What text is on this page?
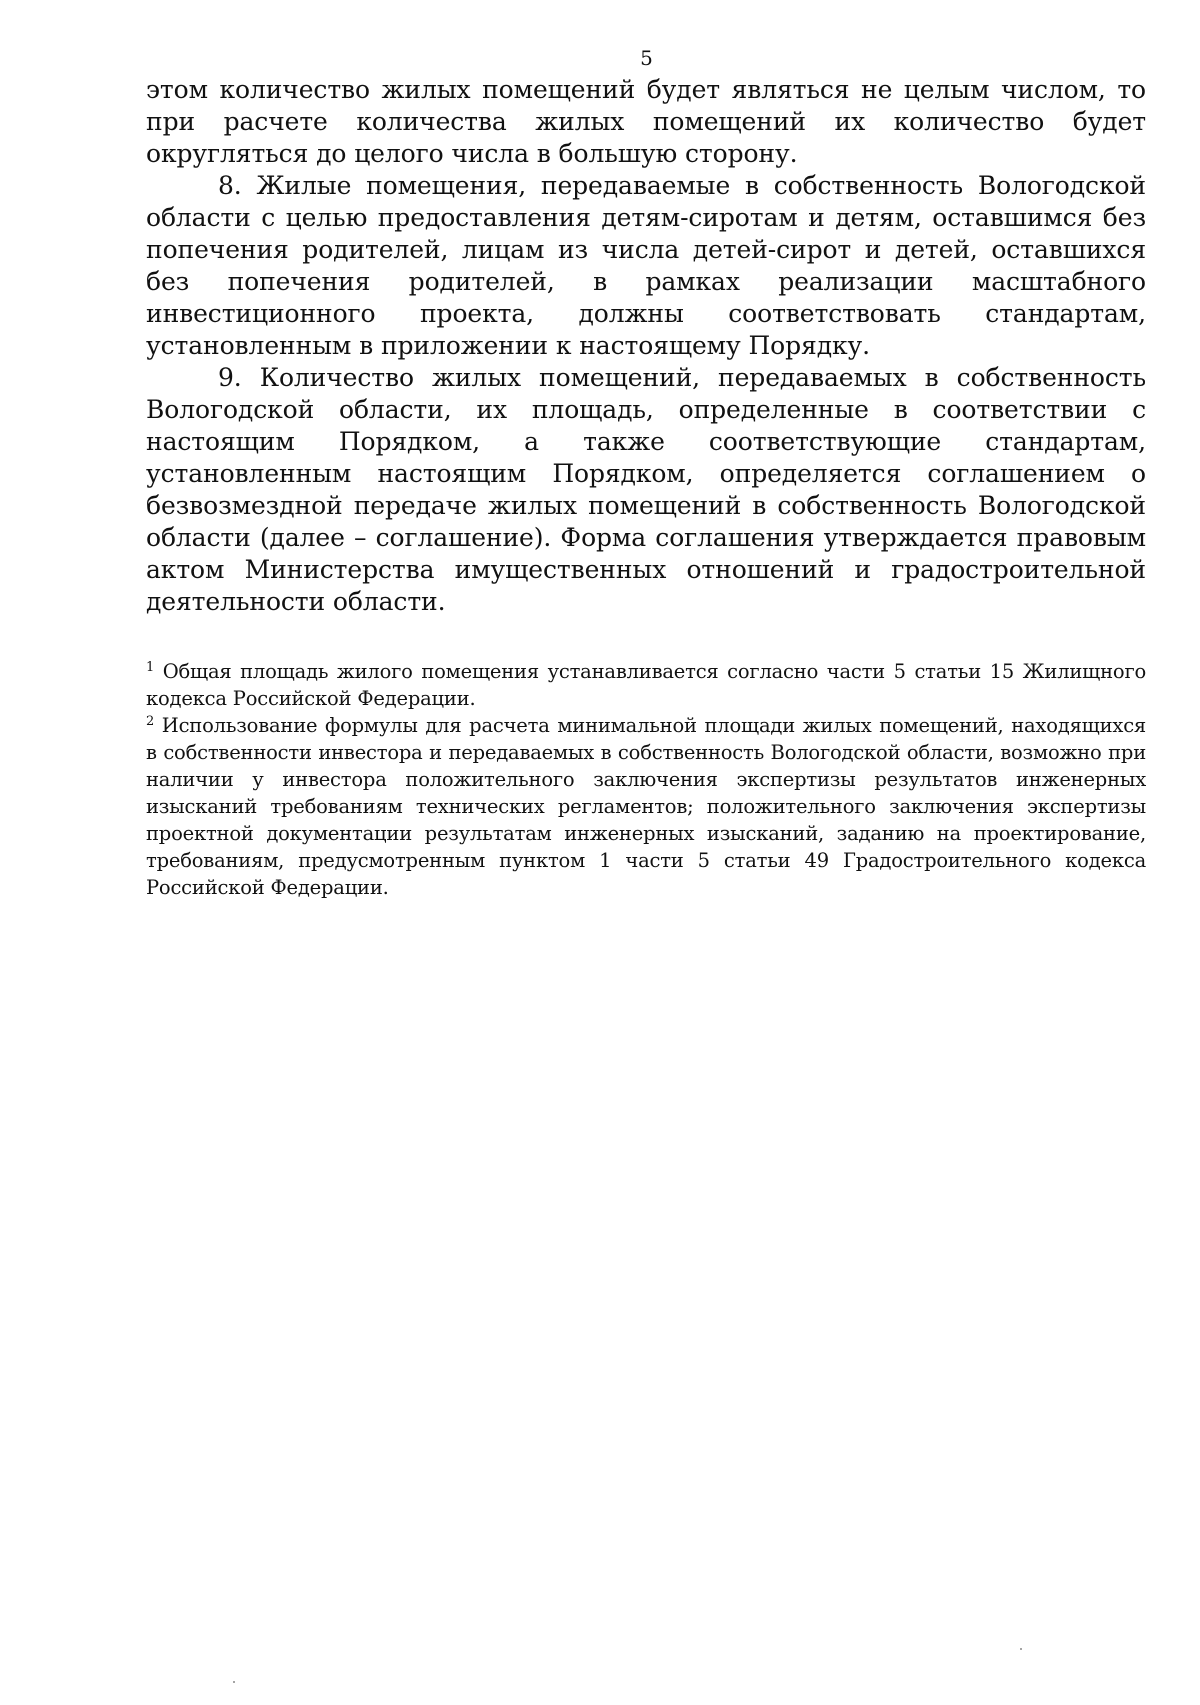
5

этом количество жилых помещений будет являться не целым числом, то при расчете количества жилых помещений их количество будет округляться до целого числа в большую сторону.

8. Жилые помещения, передаваемые в собственность Вологодской области с целью предоставления детям-сиротам и детям, оставшимся без попечения родителей, лицам из числа детей-сирот и детей, оставшихся без попечения родителей, в рамках реализации масштабного инвестиционного проекта, должны соответствовать стандартам, установленным в приложении к настоящему Порядку.

9. Количество жилых помещений, передаваемых в собственность Вологодской области, их площадь, определенные в соответствии с настоящим Порядком, а также соответствующие стандартам, установленным настоящим Порядком, определяется соглашением о безвозмездной передаче жилых помещений в собственность Вологодской области (далее – соглашение). Форма соглашения утверждается правовым актом Министерства имущественных отношений и градостроительной деятельности области.

$^1$ Общая площадь жилого помещения устанавливается согласно части 5 статьи 15 Жилищного кодекса Российской Федерации.

$^2$ Использование формулы для расчета минимальной площади жилых помещений, находящихся в собственности инвестора и передаваемых в собственность Вологодской области, возможно при наличии у инвестора положительного заключения экспертизы результатов инженерных изысканий требованиям технических регламентов; положительного заключения экспертизы проектной документации результатам инженерных изысканий, заданию на проектирование, требованиям, предусмотренным пунктом 1 части 5 статьи 49 Градостроительного кодекса Российской Федерации.
